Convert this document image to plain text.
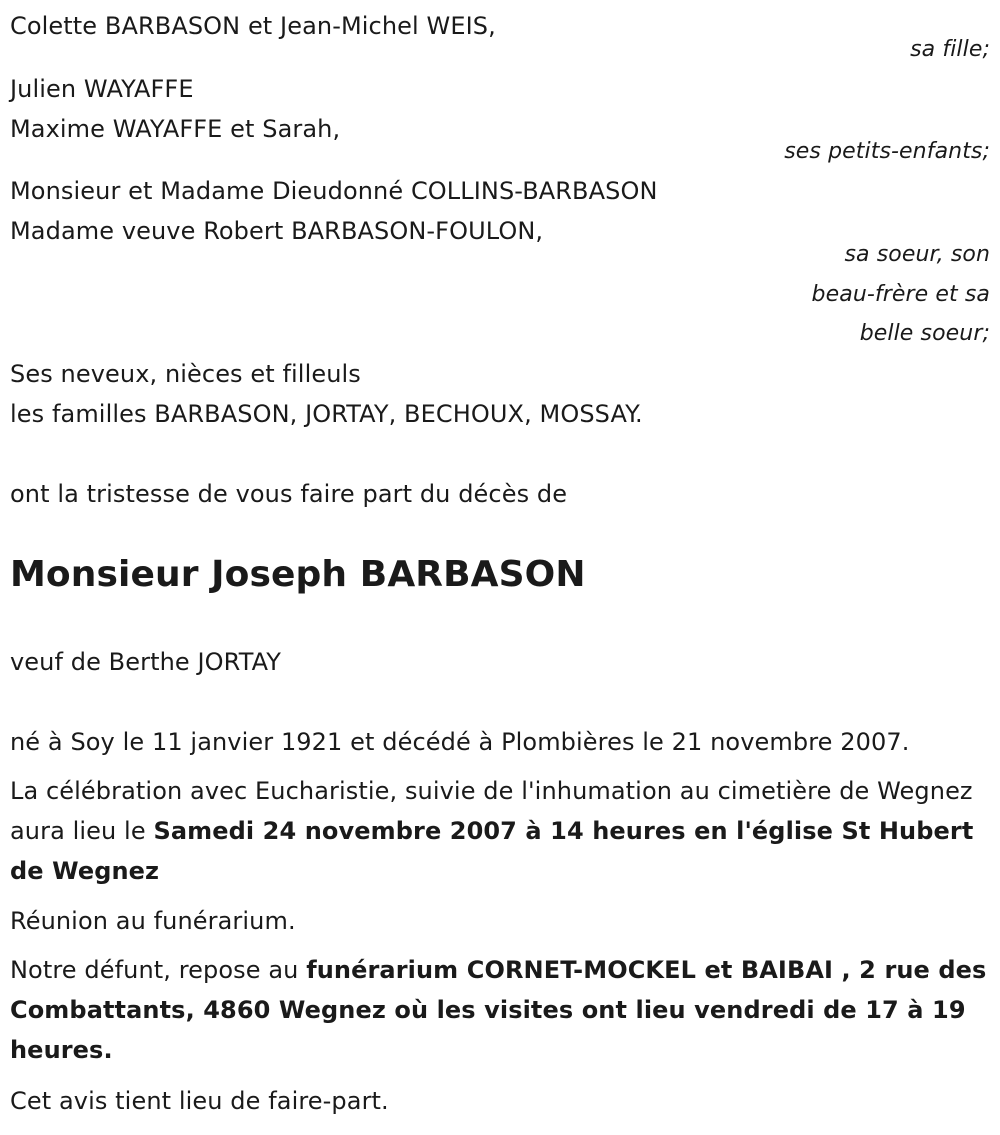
Colette BARBASON et Jean-Michel WEIS,
sa fille;
Julien WAYAFFE
Maxime WAYAFFE et Sarah,
ses petits-enfants;
Monsieur et Madame Dieudonné COLLINS-BARBASON
Madame veuve Robert BARBASON-FOULON,
sa soeur, son
beau-frère et sa
belle soeur;
Ses neveux, nièces et filleuls
les familles BARBASON, JORTAY, BECHOUX, MOSSAY.
ont la tristesse de vous faire part du décès de
Monsieur Joseph BARBASON
veuf de Berthe JORTAY
né à Soy le 11 janvier 1921 et décédé à Plombières le 21 novembre 2007.
La célébration avec Eucharistie, suivie de l'inhumation au cimetière de Wegnez aura lieu le Samedi 24 novembre 2007 à 14 heures en l'église St Hubert de Wegnez
Réunion au funérarium.
Notre défunt, repose au funérarium CORNET-MOCKEL et BAIBAI , 2 rue des Combattants, 4860 Wegnez où les visites ont lieu vendredi de 17 à 19 heures.
Cet avis tient lieu de faire-part.
